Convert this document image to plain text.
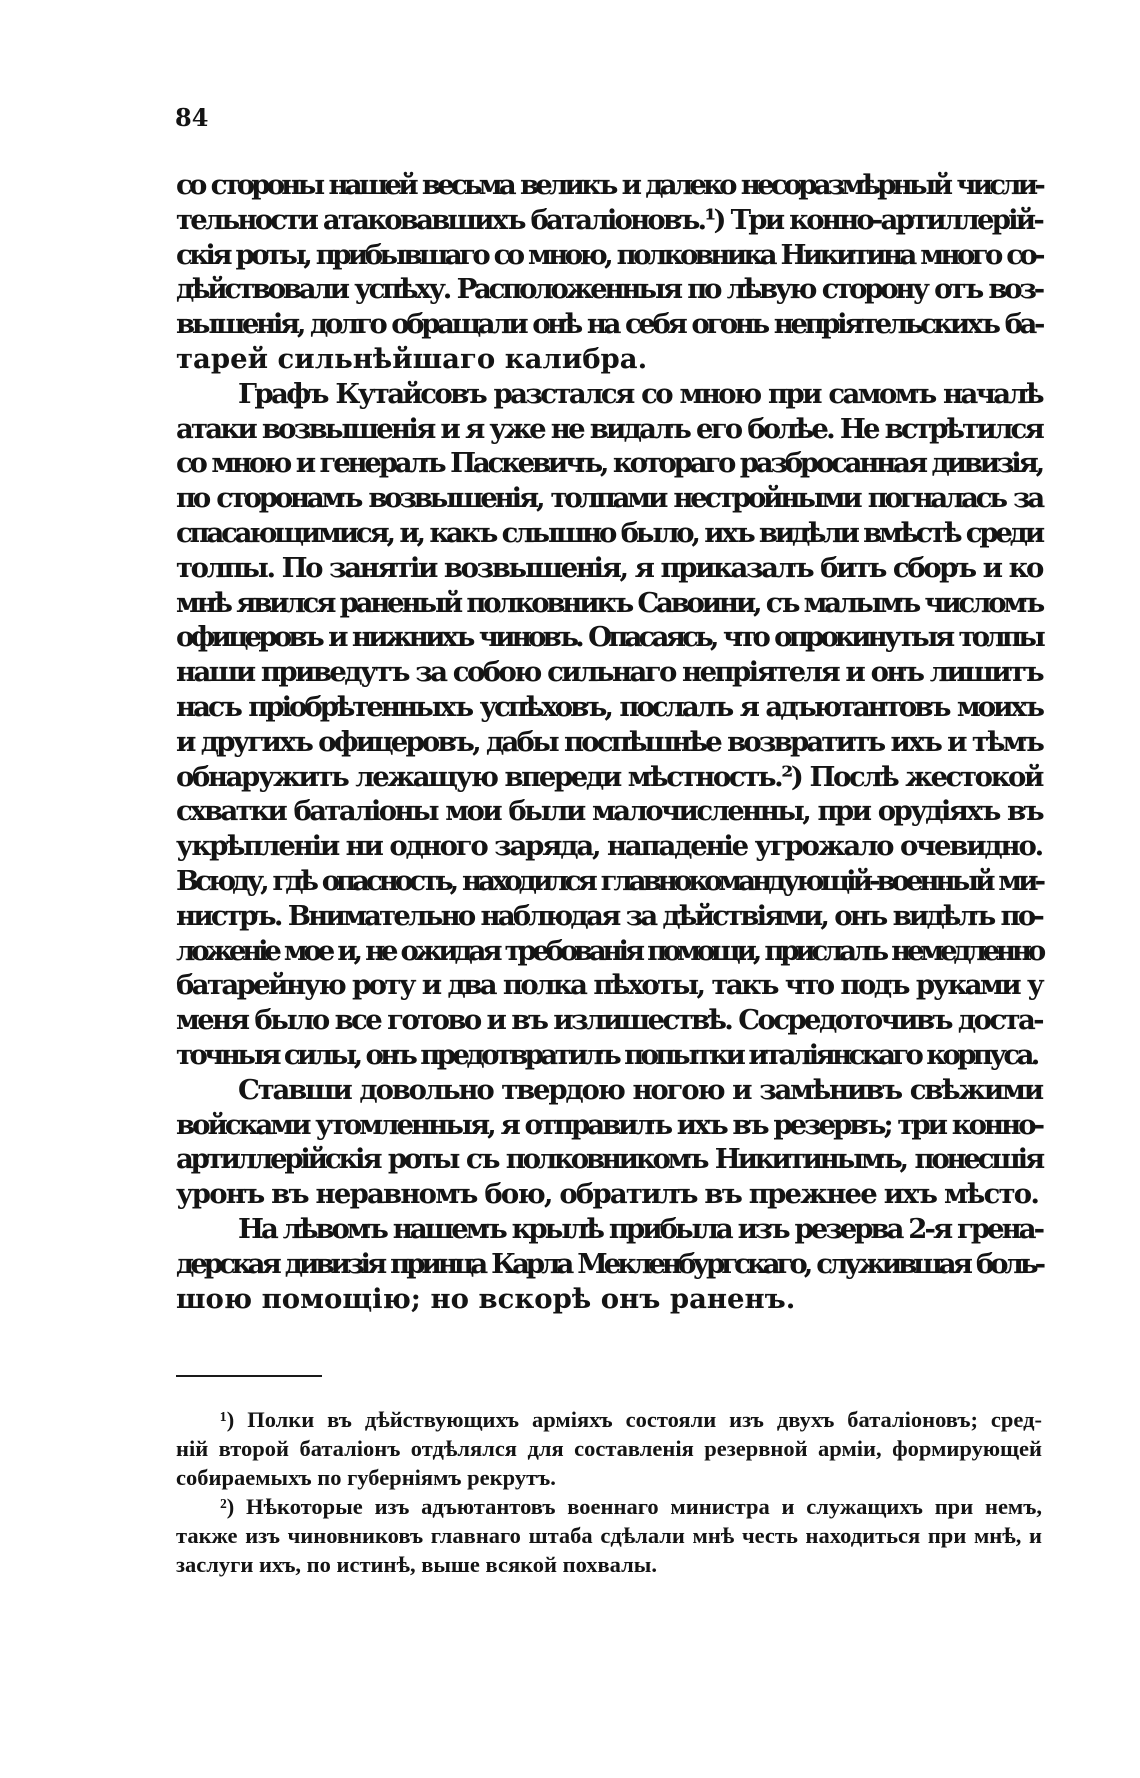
84
со стороны нашей весьма великъ и далеко несоразмѣрный числи-
тельности атаковавшихъ баталіоновъ.¹) Три конно-артиллерій-
скія роты, прибывшаго со мною, полковника Никитина много со-
дѣйствовали успѣху. Расположенныя по лѣвую сторону отъ воз-
вышенія, долго обращали онѣ на себя огонь непріятельскихъ ба-
тарей сильнѣйшаго калибра.
Графъ Кутайсовъ разстался со мною при самомъ началѣ
атаки возвышенія и я уже не видалъ его болѣе. Не встрѣтился
со мною и генералъ Паскевичъ, котораго разбросанная дивизія,
по сторонамъ возвышенія, толпами нестройными погналась за
спасающимися, и, какъ слышно было, ихъ видѣли вмѣстѣ среди
толпы. По занятіи возвышенія, я приказалъ бить сборъ и ко
мнѣ явился раненый полковникъ Савоини, съ малымъ числомъ
офицеровъ и нижнихъ чиновъ. Опасаясь, что опрокинутыя толпы
наши приведутъ за собою сильнаго непріятеля и онъ лишитъ
насъ пріобрѣтенныхъ успѣховъ, послалъ я адъютантовъ моихъ
и другихъ офицеровъ, дабы поспѣшнѣе возвратить ихъ и тѣмъ
обнаружить лежащую впереди мѣстность.²) Послѣ жестокой
схватки баталіоны мои были малочисленны, при орудіяхъ въ
укрѣпленіи ни одного заряда, нападеніе угрожало очевидно.
Всюду, гдѣ опасность, находился главнокомандующій-военный ми-
нистръ. Внимательно наблюдая за дѣйствіями, онъ видѣлъ по-
ложеніе мое и, не ожидая требованія помощи, прислалъ немедленно
батарейную роту и два полка пѣхоты, такъ что подъ руками у
меня было все готово и въ излишествѣ. Сосредоточивъ доста-
точныя силы, онъ предотвратилъ попытки италіянскаго корпуса.
Ставши довольно твердою ногою и замѣнивъ свѣжими
войсками утомленныя, я отправилъ ихъ въ резервъ; три конно-
артиллерійскія роты съ полковникомъ Никитинымъ, понесшія
уронъ въ неравномъ бою, обратилъ въ прежнее ихъ мѣсто.
На лѣвомъ нашемъ крылѣ прибыла изъ резерва 2-я грена-
дерская дивизія принца Карла Мекленбургскаго, служившая боль-
шою помощію; но вскорѣ онъ раненъ.
¹) Полки въ дѣйствующихъ арміяхъ состояли изъ двухъ баталіоновъ; сред-
ній второй баталіонъ отдѣлялся для составленія резервной арміи, формирующей
собираемыхъ по губерніямъ рекрутъ.
²) Нѣкоторые изъ адъютантовъ военнаго министра и служащихъ при немъ,
также изъ чиновниковъ главнаго штаба сдѣлали мнѣ честь находиться при мнѣ, и
заслуги ихъ, по истинѣ, выше всякой похвалы.
